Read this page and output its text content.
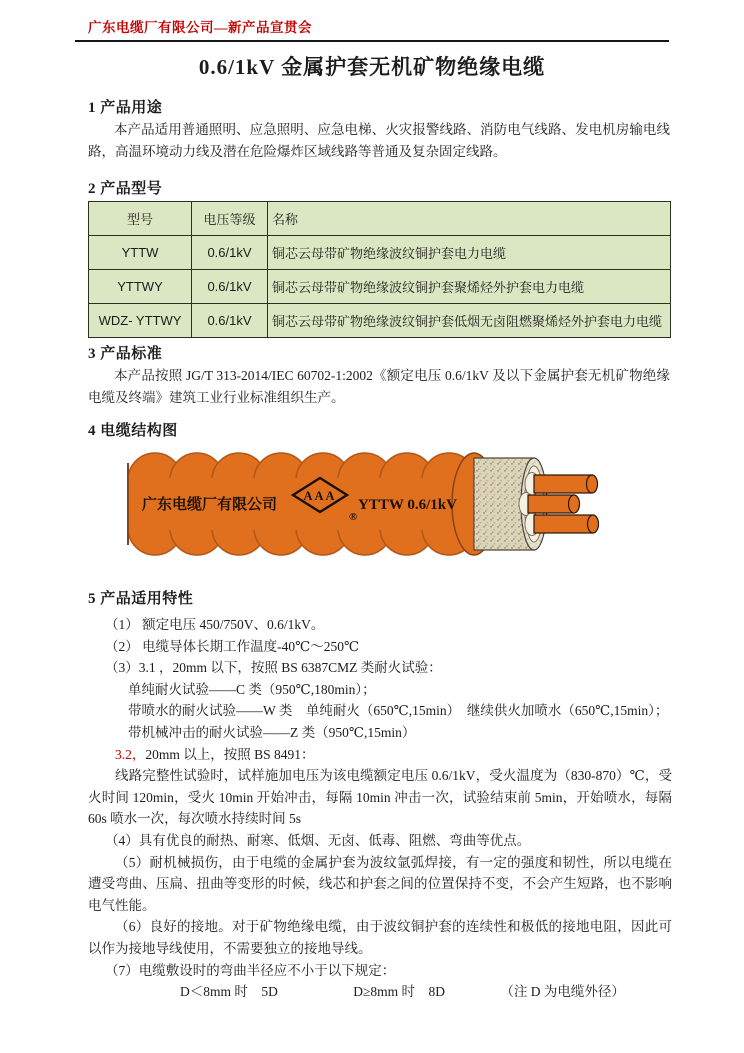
广东电缆厂有限公司—新产品宣贯会
0.6/1kV 金属护套无机矿物绝缘电缆
1 产品用途
本产品适用普通照明、应急照明、应急电梯、火灾报警线路、消防电气线路、发电机房输电线路，高温环境动力线及潜在危险爆炸区域线路等普通及复杂固定线路。
2 产品型号
型号	电压等级	名称
YTTW	0.6/1kV	铜芯云母带矿物绝缘波纹铜护套电力电缆
YTTWY	0.6/1kV	铜芯云母带矿物绝缘波纹铜护套聚烯烃外护套电力电缆
WDZ- YTTWY	0.6/1kV	铜芯云母带矿物绝缘波纹铜护套低烟无卤阻燃聚烯烃外护套电力电缆
3 产品标准
本产品按照 JG/T 313-2014/IEC 60702-1:2002《额定电压 0.6/1kV 及以下金属护套无机矿物绝缘电缆及终端》建筑工业行业标准组织生产。
4 电缆结构图
广东电缆厂有限公司
AAA
®
YTTW 0.6/1kV
5 产品适用特性
（1） 额定电压 450/750V、0.6/1kV。
（2） 电缆导体长期工作温度-40℃～250℃
（3）3.1 ，20mm 以下，按照 BS 6387CMZ 类耐火试验：
单纯耐火试验——C 类（950℃,180min）；
带喷水的耐火试验——W 类　单纯耐火（650℃,15min）　继续供火加喷水（650℃,15min）；
带机械冲击的耐火试验——Z 类（950℃,15min）
3.2，20mm 以上，按照 BS 8491：
线路完整性试验时，试样施加电压为该电缆额定电压 0.6/1kV，受火温度为（830-870）℃，受火时间 120min，受火 10min 开始冲击，每隔 10min 冲击一次，试验结束前 5min，开始喷水，每隔 60s 喷水一次，每次喷水持续时间 5s
（4）具有优良的耐热、耐寒、低烟、无卤、低毒、阻燃、弯曲等优点。
（5）耐机械损伤，由于电缆的金属护套为波纹氩弧焊接，有一定的强度和韧性，所以电缆在遭受弯曲、压扁、扭曲等变形的时候，线芯和护套之间的位置保持不变，不会产生短路，也不影响电气性能。
（6）良好的接地。对于矿物绝缘电缆，由于波纹铜护套的连续性和极低的接地电阻，因此可以作为接地导线使用，不需要独立的接地导线。
（7）电缆敷设时的弯曲半径应不小于以下规定：
D＜8mm 时　5D	D≥8mm 时　8D	（注 D 为电缆外径）
